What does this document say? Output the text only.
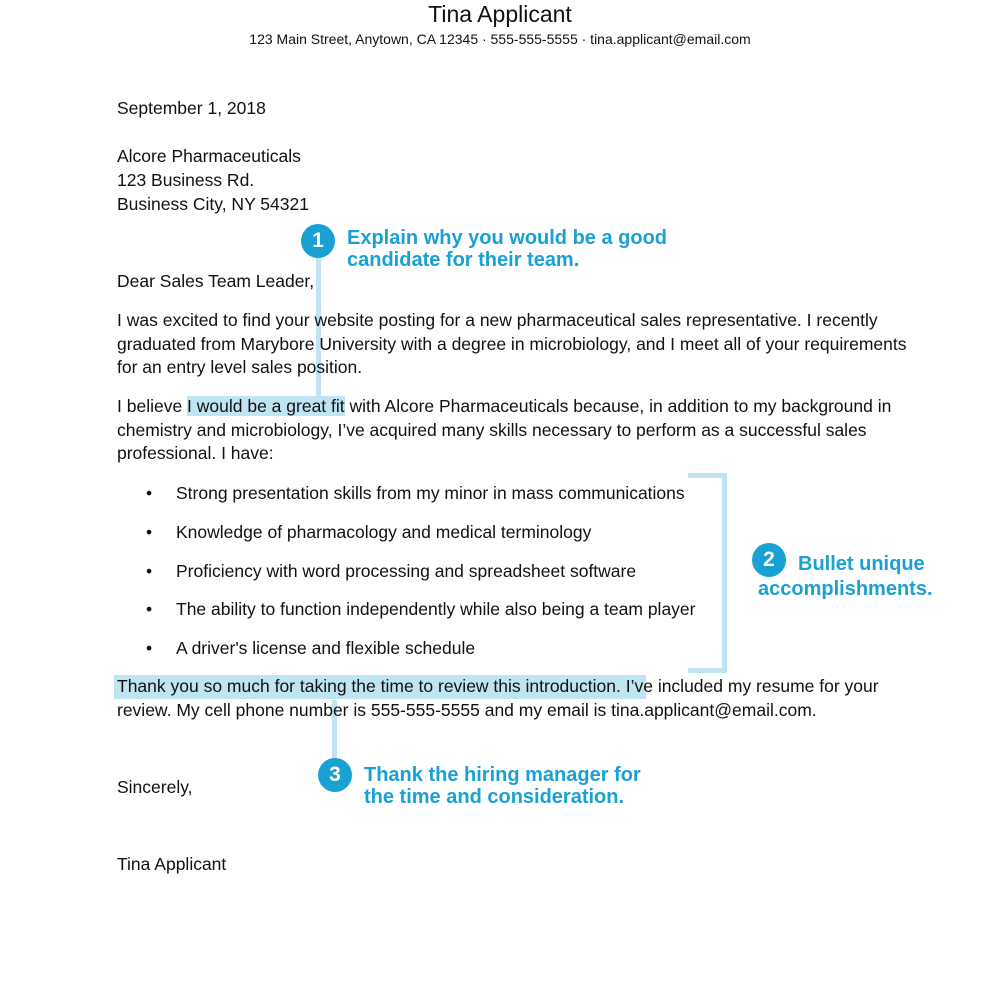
Tina Applicant
123 Main Street, Anytown, CA 12345 · 555-555-5555 · tina.applicant@email.com
September 1, 2018
Alcore Pharmaceuticals
123 Business Rd.
Business City, NY 54321
Dear Sales Team Leader,
I was excited to find your website posting for a new pharmaceutical sales representative. I recently graduated from Marybore University with a degree in microbiology, and I meet all of your requirements for an entry level sales position.
I believe I would be a great fit with Alcore Pharmaceuticals because, in addition to my background in chemistry and microbiology, I’ve acquired many skills necessary to perform as a successful sales professional. I have:
• Strong presentation skills from my minor in mass communications
• Knowledge of pharmacology and medical terminology
• Proficiency with word processing and spreadsheet software
• The ability to function independently while also being a team player
• A driver's license and flexible schedule
Thank you so much for taking the time to review this introduction. I’ve included my resume for your review. My cell phone number is 555-555-5555 and my email is tina.applicant@email.com.
Sincerely,
Tina Applicant
1	Explain why you would be a good
candidate for their team.
2	Bullet unique
accomplishments.
3	Thank the hiring manager for
the time and consideration.
